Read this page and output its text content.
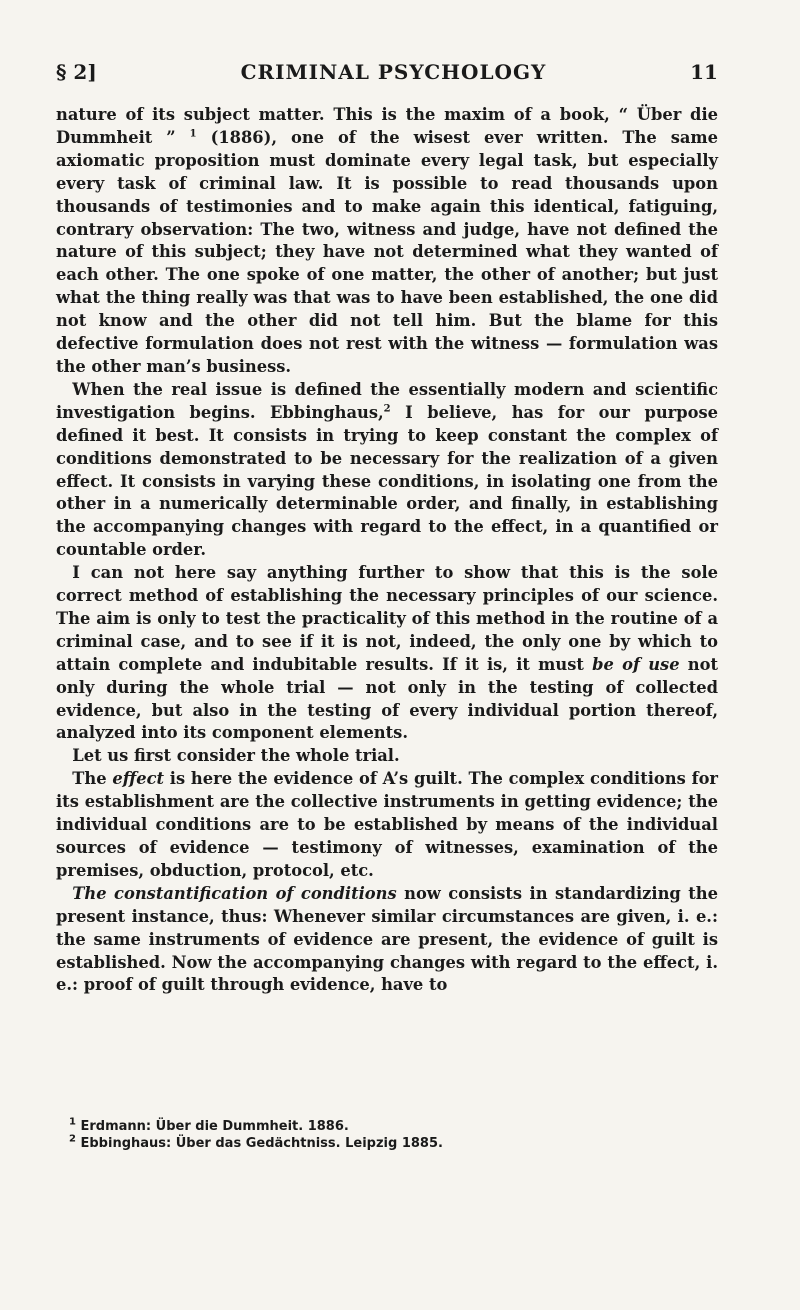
§ 2]	CRIMINAL PSYCHOLOGY	11

nature of its subject matter. This is the maxim of a book, “ Über die Dummheit ” $^1$ (1886), one of the wisest ever written. The same axiomatic proposition must dominate every legal task, but especially every task of criminal law. It is possible to read thousands upon thousands of testimonies and to make again this identical, fatiguing, contrary observation: The two, witness and judge, have not defined the nature of this subject; they have not determined what they wanted of each other. The one spoke of one matter, the other of another; but just what the thing really was that was to have been established, the one did not know and the other did not tell him. But the blame for this defective formulation does not rest with the witness — formulation was the other man’s business.

 When the real issue is defined the essentially modern and scientific investigation begins. Ebbinghaus,$^2$ I believe, has for our purpose defined it best. It consists in trying to keep constant the complex of conditions demonstrated to be necessary for the realization of a given effect. It consists in varying these conditions, in isolating one from the other in a numerically determinable order, and finally, in establishing the accompanying changes with regard to the effect, in a quantified or countable order.

 I can not here say anything further to show that this is the sole correct method of establishing the necessary principles of our science. The aim is only to test the practicality of this method in the routine of a criminal case, and to see if it is not, indeed, the only one by which to attain complete and indubitable results. If it is, it must be of use not only during the whole trial — not only in the testing of collected evidence, but also in the testing of every individual portion thereof, analyzed into its component elements.

 Let us first consider the whole trial.

 The effect is here the evidence of A’s guilt. The complex conditions for its establishment are the collective instruments in getting evidence; the individual conditions are to be established by means of the individual sources of evidence — testimony of witnesses, examination of the premises, obduction, protocol, etc.

 The constantification of conditions now consists in standardizing the present instance, thus: Whenever similar circumstances are given, i. e.: the same instruments of evidence are present, the evidence of guilt is established. Now the accompanying changes with regard to the effect, i. e.: proof of guilt through evidence, have to

 $^1$ Erdmann: Über die Dummheit. 1886.
 $^2$ Ebbinghaus: Über das Gedächtniss. Leipzig 1885.
